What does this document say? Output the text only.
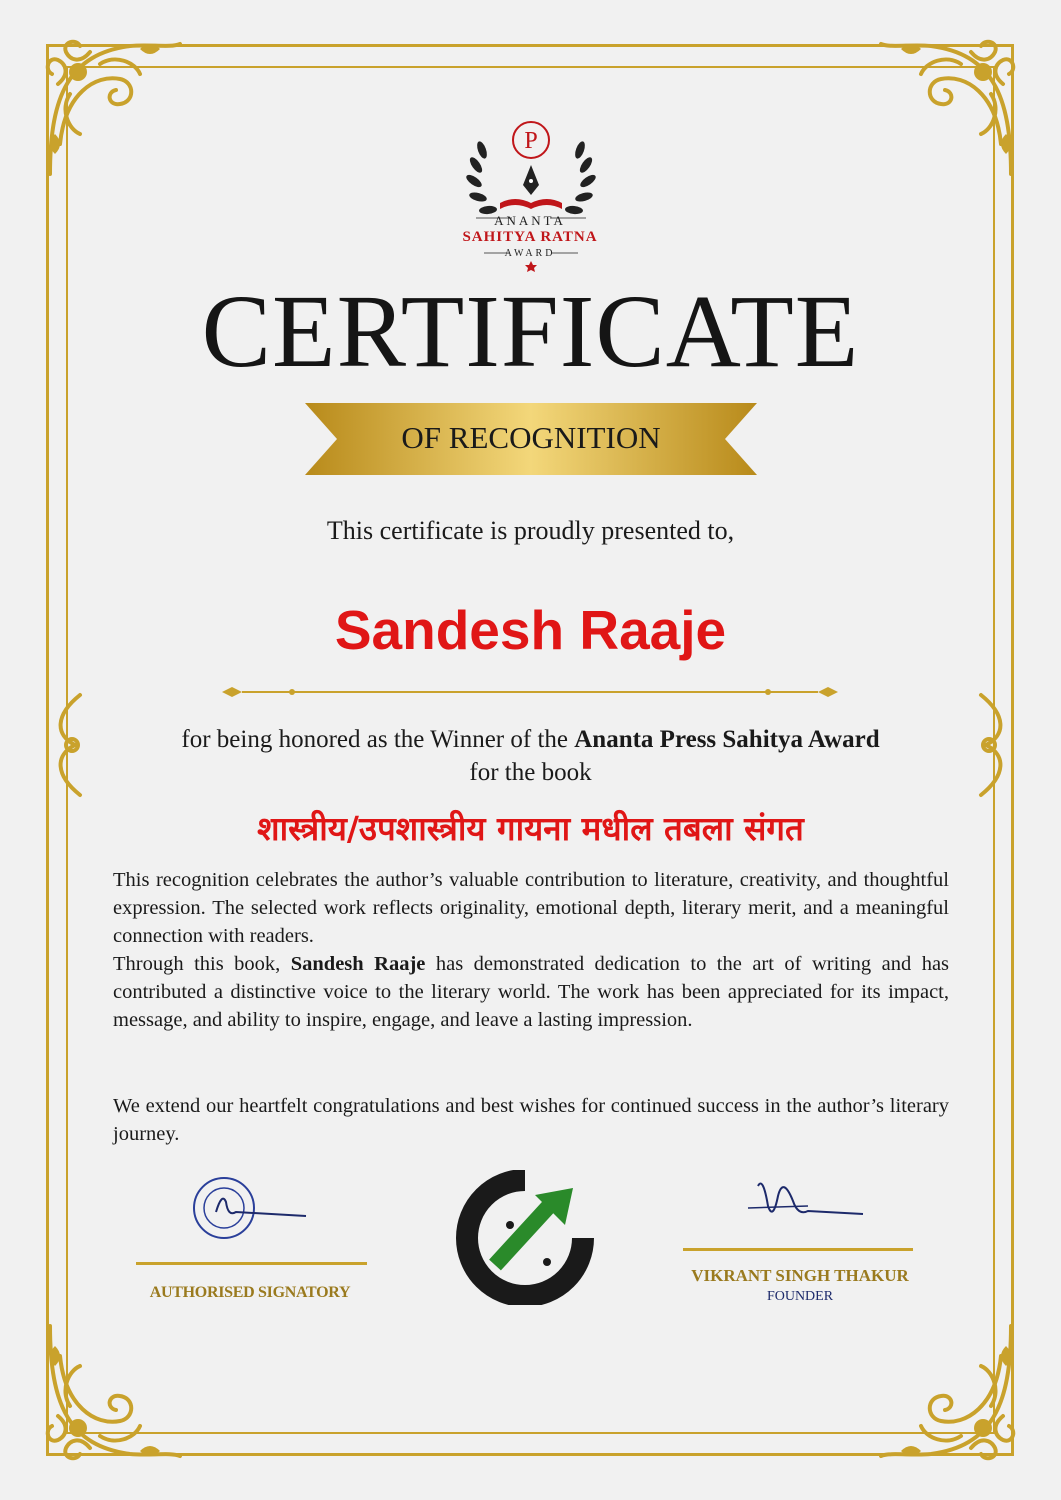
P
ANANTA
SAHITYA RATNA
AWARD
CERTIFICATE
OF RECOGNITION
This certificate is proudly presented to,
Sandesh Raaje
for being honored as the Winner of the Ananta Press Sahitya Award
for the book
शास्त्रीय/उपशास्त्रीय गायना मधील तबला संगत

This recognition celebrates the author’s valuable contribution to literature, creativity, and thoughtful expression. The selected work reflects originality, emotional depth, literary merit, and a meaningful connection with readers.

Through this book, Sandesh Raaje has demonstrated dedication to the art of writing and has contributed a distinctive voice to the literary world. The work has been appreciated for its impact, message, and ability to inspire, engage, and leave a lasting impression.

We extend our heartfelt congratulations and best wishes for continued success in the author’s literary journey.
AUTHORISED SIGNATORY
VIKRANT SINGH THAKUR
FOUNDER
